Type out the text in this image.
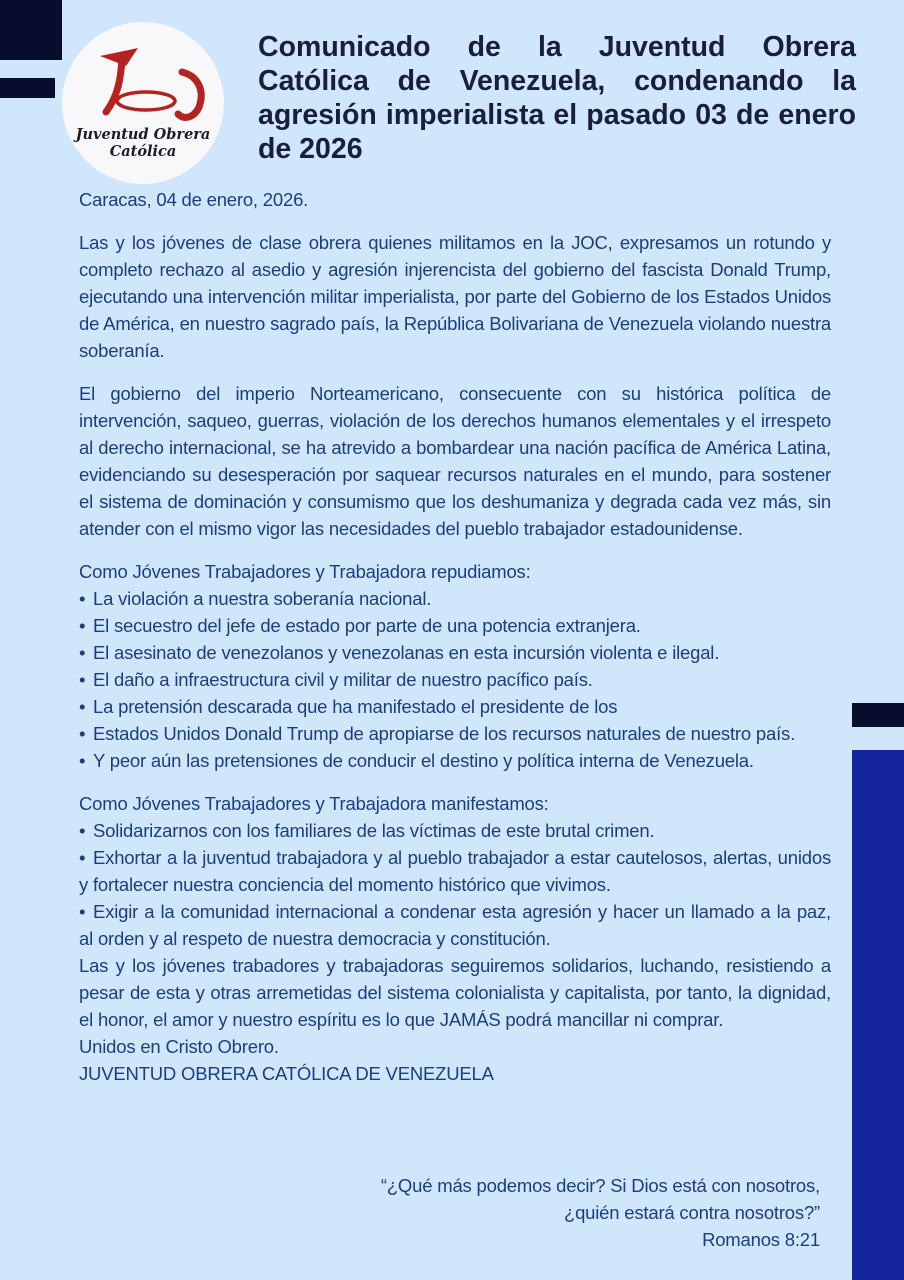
Juventud Obrera Católica
Comunicado de la Juventud Obrera Católica de Venezuela, condenando la agresión imperialista el pasado 03 de enero de 2026

Caracas, 04 de enero, 2026.

Las y los jóvenes de clase obrera quienes militamos en la JOC, expresamos un rotundo y completo rechazo al asedio y agresión injerencista del gobierno del fascista Donald Trump, ejecutando una intervención militar imperialista, por parte del Gobierno de los Estados Unidos de América, en nuestro sagrado país, la República Bolivariana de Venezuela violando nuestra soberanía.

El gobierno del imperio Norteamericano, consecuente con su histórica política de intervención, saqueo, guerras, violación de los derechos humanos elementales y el irrespeto al derecho internacional, se ha atrevido a bombardear una nación pacífica de América Latina, evidenciando su desesperación por saquear recursos naturales en el mundo, para sostener el sistema de dominación y consumismo que los deshumaniza y degrada cada vez más, sin atender con el mismo vigor las necesidades del pueblo trabajador estadounidense.

Como Jóvenes Trabajadores y Trabajadora repudiamos:

• La violación a nuestra soberanía nacional.

• El secuestro del jefe de estado por parte de una potencia extranjera.

• El asesinato de venezolanos y venezolanas en esta incursión violenta e ilegal.

• El daño a infraestructura civil y militar de nuestro pacífico país.

• La pretensión descarada que ha manifestado el presidente de los

• Estados Unidos Donald Trump de apropiarse de los recursos naturales de nuestro país.

• Y peor aún las pretensiones de conducir el destino y política interna de Venezuela.

Como Jóvenes Trabajadores y Trabajadora manifestamos:

• Solidarizarnos con los familiares de las víctimas de este brutal crimen.

• Exhortar a la juventud trabajadora y al pueblo trabajador a estar cautelosos, alertas, unidos y fortalecer nuestra conciencia del momento histórico que vivimos.

• Exigir a la comunidad internacional a condenar esta agresión y hacer un llamado a la paz, al orden y al respeto de nuestra democracia y constitución.

Las y los jóvenes trabadores y trabajadoras seguiremos solidarios, luchando, resistiendo a pesar de esta y otras arremetidas del sistema colonialista y capitalista, por tanto, la dignidad, el honor, el amor y nuestro espíritu es lo que JAMÁS podrá mancillar ni comprar.

Unidos en Cristo Obrero.

JUVENTUD OBRERA CATÓLICA DE VENEZUELA

“¿Qué más podemos decir? Si Dios está con nosotros, ¿quién estará contra nosotros?”

Romanos 8:21
